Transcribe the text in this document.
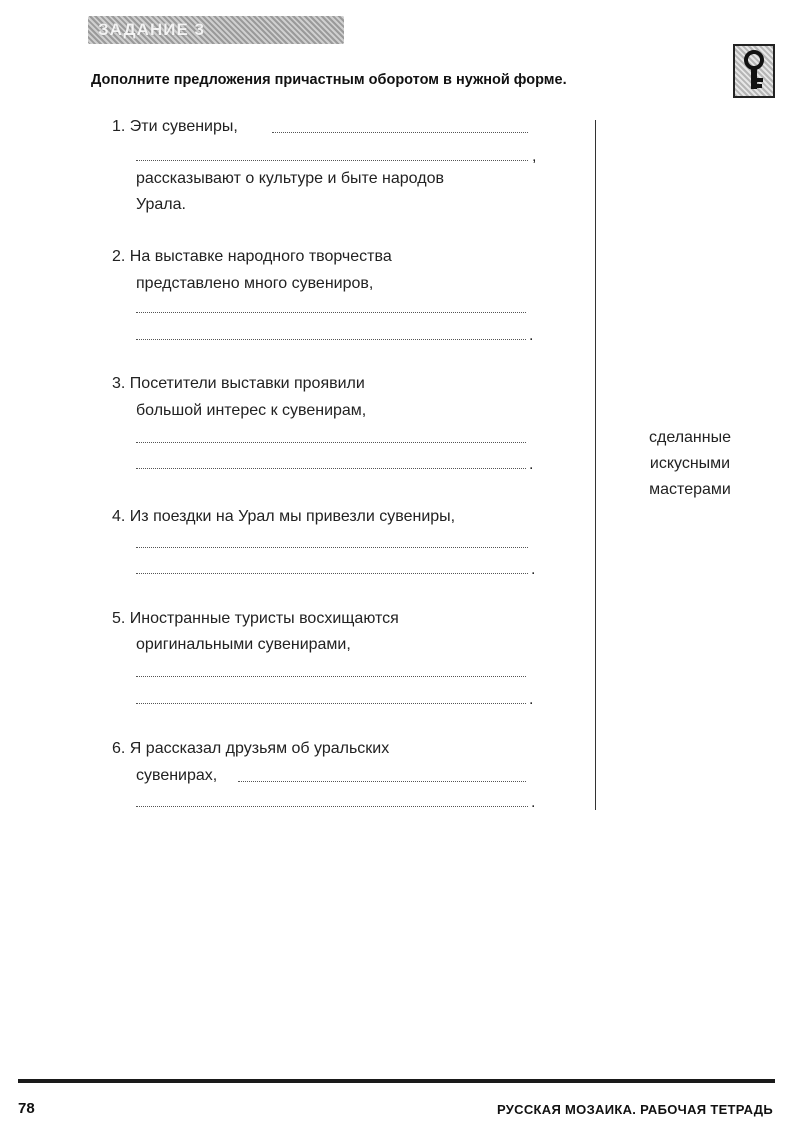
ЗАДАНИЕ 3
Дополните предложения причастным оборотом в нужной форме.
сделанные
искусными
мастерами
1. Эти сувениры,
,
рассказывают о культуре и быте народов
Урала.
2. На выставке народного творчества
представлено много сувениров,
.
3. Посетители выставки проявили
большой интерес к сувенирам,
.
4. Из поездки на Урал мы привезли сувениры,
.
5. Иностранные туристы восхищаются
оригинальными сувенирами,
.
6. Я рассказал друзьям об уральских
сувенирах,
.
78	РУССКАЯ МОЗАИКА. РАБОЧАЯ ТЕТРАДЬ
